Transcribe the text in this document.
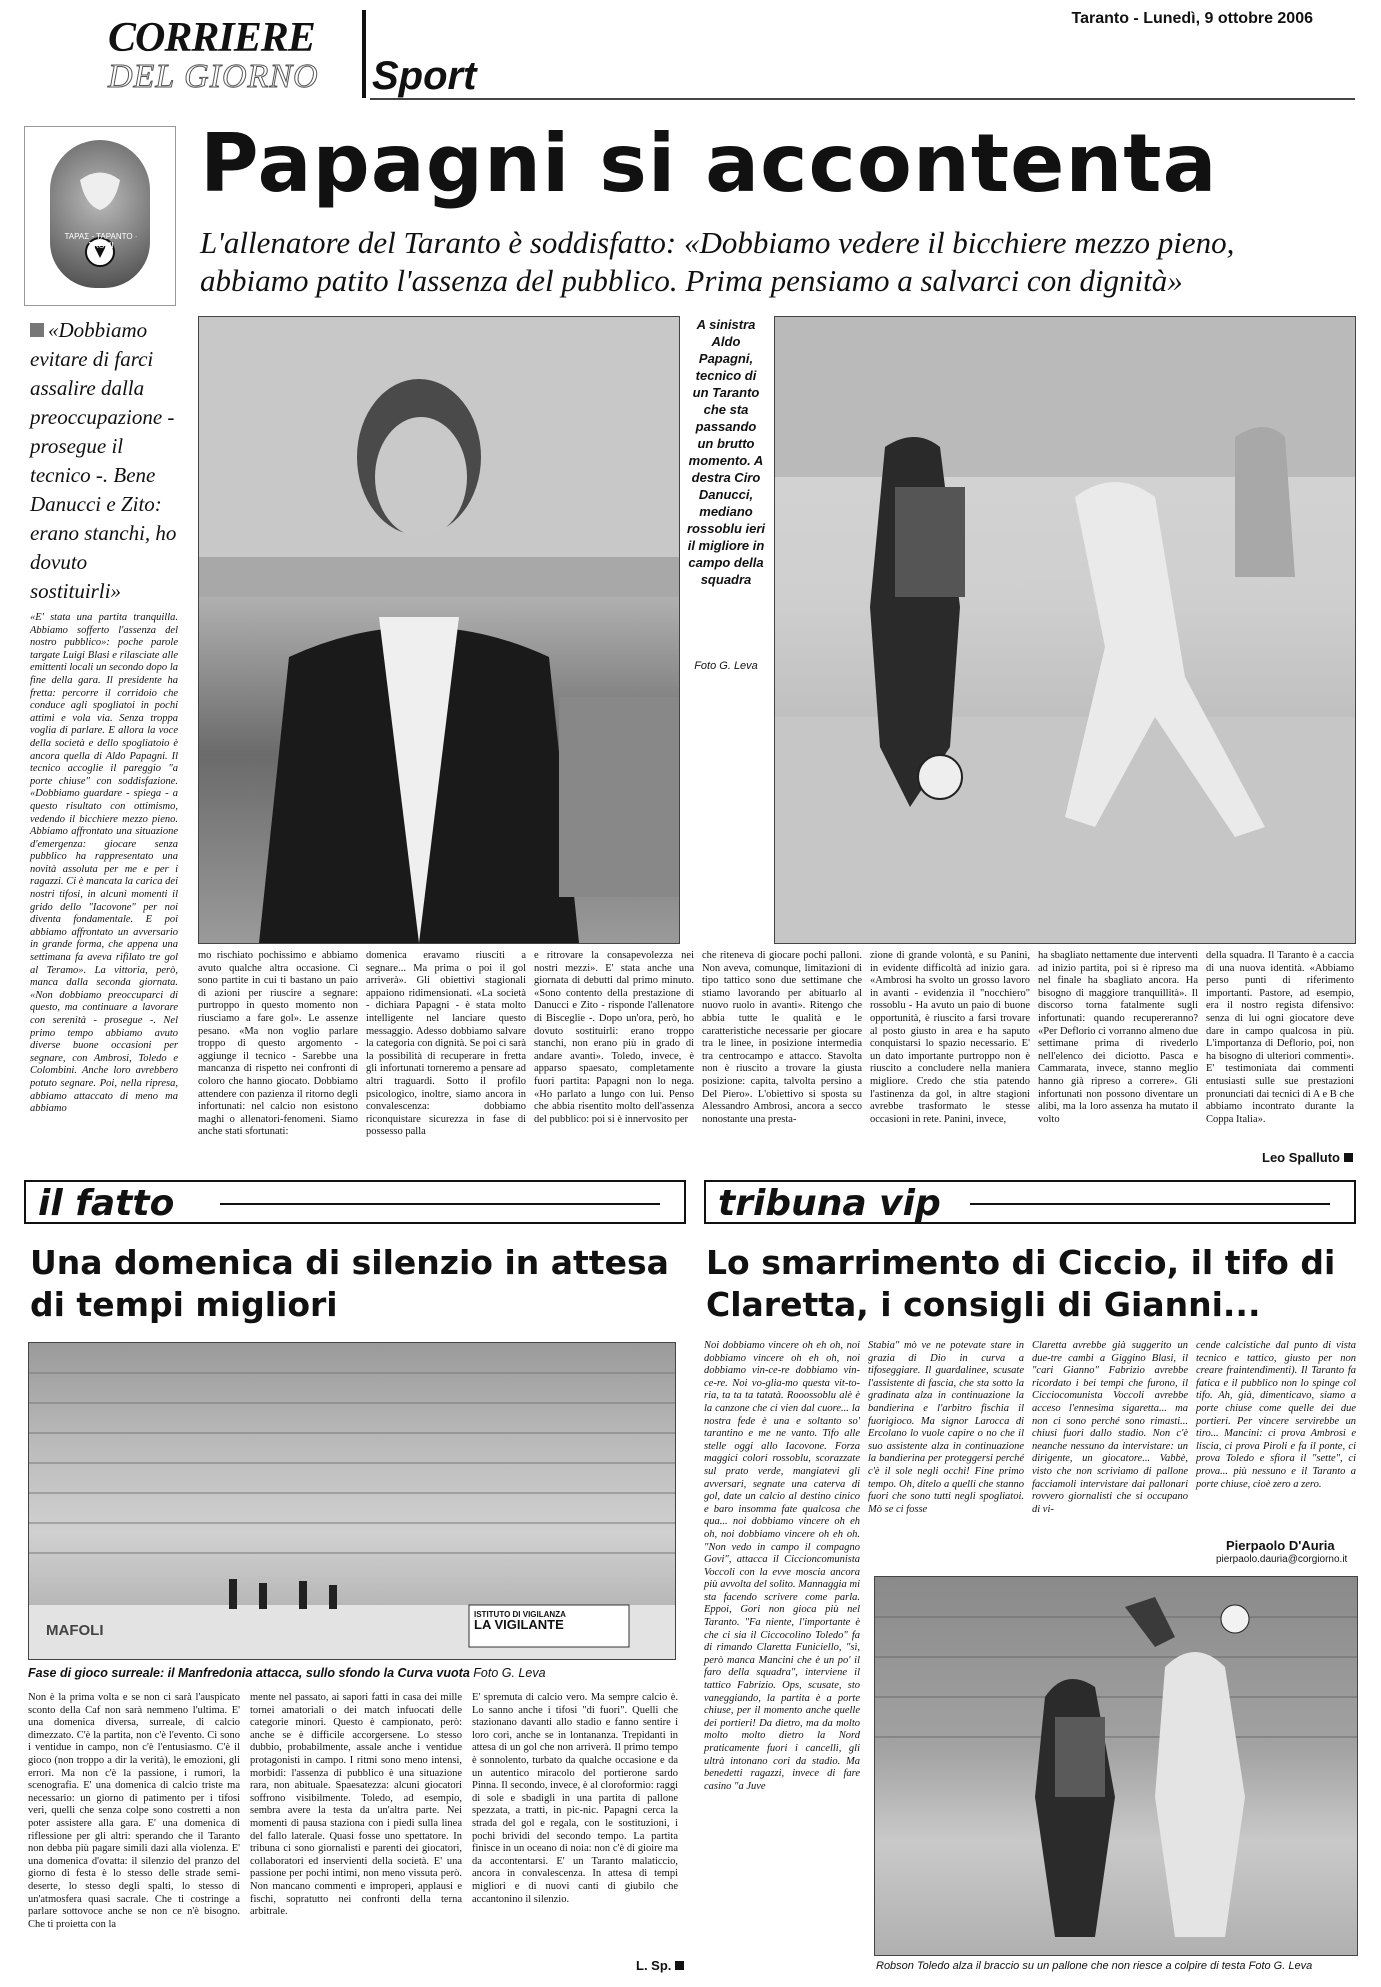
CORRIERE
DEL GIORNO Sport
Taranto - Lunedì, 9 ottobre 2006
ΤΑΡΑΣ - ΤΑΡΑΝΤΟ · ΣΚΟΜΙ
Papagni si accontenta
L'allenatore del Taranto è soddisfatto: «Dobbiamo vedere il bicchiere mezzo pieno, abbiamo patito l'assenza del pubblico. Prima pensiamo a salvarci con dignità»
«Dobbiamo evitare di farci assalire dalla preoccupazione - prosegue il tecnico -. Bene Danucci e Zito: erano stanchi, ho dovuto sostituirli»
«E' stata una partita tranquilla. Abbiamo sofferto l'assenza del nostro pubblico»: poche parole targate Luigi Blasi e rilasciate alle emittenti locali un secondo dopo la fine della gara. Il presidente ha fretta: percorre il corridoio che conduce agli spogliatoi in pochi attimi e vola via. Senza troppa voglia di parlare. E allora la voce della società e dello spogliatoio è ancora quella di Aldo Papagni. Il tecnico accoglie il pareggio "a porte chiuse" con soddisfazione. «Dobbiamo guardare - spiega - a questo risultato con ottimismo, vedendo il bicchiere mezzo pieno. Abbiamo affrontato una situazione d'emergenza: giocare senza pubblico ha rappresentato una novità assoluta per me e per i ragazzi. Ci è mancata la carica dei nostri tifosi, in alcuni momenti il grido dello "Iacovone" per noi diventa fondamentale. E poi abbiamo affrontato un avversario in grande forma, che appena una settimana fa aveva rifilato tre gol al Teramo». La vittoria, però, manca dalla seconda giornata. «Non dobbiamo preoccuparci di questo, ma continuare a lavorare con serenità - prosegue -. Nel primo tempo abbiamo avuto diverse buone occasioni per segnare, con Ambrosi, Toledo e Colombini. Anche loro avrebbero potuto segnare. Poi, nella ripresa, abbiamo attaccato di meno ma abbiamo
A sinistra Aldo Papagni, tecnico di un Taranto che sta passando un brutto momento. A destra Ciro Danucci, mediano rossoblu ieri il migliore in campo della squadra
Foto G. Leva
mo rischiato pochissimo e abbiamo avuto qualche altra occasione. Ci sono partite in cui ti bastano un paio di azioni per riuscire a segnare: purtroppo in questo momento non riusciamo a fare gol». Le assenze pesano. «Ma non voglio parlare troppo di questo argomento - aggiunge il tecnico - Sarebbe una mancanza di rispetto nei confronti di coloro che hanno giocato. Dobbiamo attendere con pazienza il ritorno degli infortunati: nel calcio non esistono maghi o allenatori-fenomeni. Siamo anche stati sfortunati:
domenica eravamo riusciti a segnare... Ma prima o poi il gol arriverà». Gli obiettivi stagionali appaiono ridimensionati. «La società - dichiara Papagni - è stata molto intelligente nel lanciare questo messaggio. Adesso dobbiamo salvare la categoria con dignità. Se poi ci sarà la possibilità di recuperare in fretta gli infortunati torneremo a pensare ad altri traguardi. Sotto il profilo psicologico, inoltre, siamo ancora in convalescenza: dobbiamo riconquistare sicurezza in fase di possesso palla
e ritrovare la consapevolezza nei nostri mezzi». E' stata anche una giornata di debutti dal primo minuto. «Sono contento della prestazione di Danucci e Zito - risponde l'allenatore di Bisceglie -. Dopo un'ora, però, ho dovuto sostituirli: erano troppo stanchi, non erano più in grado di andare avanti». Toledo, invece, è apparso spaesato, completamente fuori partita: Papagni non lo nega. «Ho parlato a lungo con lui. Penso che abbia risentito molto dell'assenza del pubblico: poi si è innervosito per
che riteneva di giocare pochi palloni. Non aveva, comunque, limitazioni di tipo tattico sono due settimane che stiamo lavorando per abituarlo al nuovo ruolo in avanti». Ritengo che abbia tutte le qualità e le caratteristiche necessarie per giocare tra le linee, in posizione intermedia tra centrocampo e attacco. Stavolta non è riuscito a trovare la giusta posizione: capita, talvolta persino a Del Piero». L'obiettivo si sposta su Alessandro Ambrosi, ancora a secco nonostante una presta-
zione di grande volontà, e su Panini, in evidente difficoltà ad inizio gara. «Ambrosi ha svolto un grosso lavoro in avanti - evidenzia il "nocchiero" rossoblu - Ha avuto un paio di buone opportunità, è riuscito a farsi trovare al posto giusto in area e ha saputo conquistarsi lo spazio necessario. E' un dato importante purtroppo non è riuscito a concludere nella maniera migliore. Credo che stia patendo l'astinenza da gol, in altre stagioni avrebbe trasformato le stesse occasioni in rete. Panini, invece,
ha sbagliato nettamente due interventi ad inizio partita, poi si è ripreso ma nel finale ha sbagliato ancora. Ha bisogno di maggiore tranquillità». Il discorso torna fatalmente sugli infortunati: quando recupereranno? «Per Deflorio ci vorranno almeno due settimane prima di rivederlo nell'elenco dei diciotto. Pasca e Cammarata, invece, stanno meglio hanno già ripreso a correre». Gli infortunati non possono diventare un alibi, ma la loro assenza ha mutato il volto
della squadra. Il Taranto è a caccia di una nuova identità. «Abbiamo perso punti di riferimento importanti. Pastore, ad esempio, era il nostro regista difensivo: senza di lui ogni giocatore deve dare in campo qualcosa in più. L'importanza di Deflorio, poi, non ha bisogno di ulteriori commenti». E' testimoniata dai commenti entusiasti sulle sue prestazioni pronunciati dai tecnici di A e B che abbiamo incontrato durante la Coppa Italia».
Leo Spalluto
il fatto
Una domenica di silenzio in attesa di tempi migliori
ISTITUTO DI VIGILANZA
LA VIGILANTE
MAFOLI
Fase di gioco surreale: il Manfredonia attacca, sullo sfondo la Curva vuota Foto G. Leva
Non è la prima volta e se non ci sarà l'auspicato sconto della Caf non sarà nemmeno l'ultima. E' una domenica diversa, surreale, di calcio dimezzato. C'è la partita, non c'è l'evento. Ci sono i ventidue in campo, non c'è l'entusiasmo. C'è il gioco (non troppo a dir la verità), le emozioni, gli errori. Ma non c'è la passione, i rumori, la scenografia. E' una domenica di calcio triste ma necessario: un giorno di patimento per i tifosi veri, quelli che senza colpe sono costretti a non poter assistere alla gara. E' una domenica di riflessione per gli altri: sperando che il Taranto non debba più pagare simili dazi alla violenza. E' una domenica d'ovatta: il silenzio del pranzo del giorno di festa è lo stesso delle strade semi-deserte, lo stesso degli spalti, lo stesso di un'atmosfera quasi sacrale. Che ti costringe a parlare sottovoce anche se non ce n'è bisogno. Che ti proietta con la
mente nel passato, ai sapori fatti in casa dei mille tornei amatoriali o dei match infuocati delle categorie minori. Questo è campionato, però: anche se è difficile accorgersene. Lo stesso dubbio, probabilmente, assale anche i ventidue protagonisti in campo. I ritmi sono meno intensi, morbidi: l'assenza di pubblico è una situazione rara, non abituale. Spaesatezza: alcuni giocatori soffrono visibilmente. Toledo, ad esempio, sembra avere la testa da un'altra parte. Nei momenti di pausa staziona con i piedi sulla linea del fallo laterale. Quasi fosse uno spettatore. In tribuna ci sono giornalisti e parenti dei giocatori, collaboratori ed inservienti della società. E' una passione per pochi intimi, non meno vissuta però. Non mancano commenti e improperi, applausi e fischi, sopratutto nei confronti della terna arbitrale.
E' spremuta di calcio vero. Ma sempre calcio è. Lo sanno anche i tifosi "di fuori". Quelli che stazionano davanti allo stadio e fanno sentire i loro cori, anche se in lontananza. Trepidanti in attesa di un gol che non arriverà. Il primo tempo è sonnolento, turbato da qualche occasione e da un autentico miracolo del portierone sardo Pinna. Il secondo, invece, è al cloroformio: raggi di sole e sbadigli in una partita di pallone spezzata, a tratti, in pic-nic. Papagni cerca la strada del gol e regala, con le sostituzioni, i pochi brividi del secondo tempo. La partita finisce in un oceano di noia: non c'è di gioire ma da accontentarsi. E' un Taranto malaticcio, ancora in convalescenza. In attesa di tempi migliori e di nuovi canti di giubilo che accantonino il silenzio.
L. Sp.
tribuna vip
Lo smarrimento di Ciccio, il tifo di Claretta, i consigli di Gianni...
Noi dobbiamo vincere oh eh oh, noi dobbiamo vincere oh eh oh, noi dobbiamo vin-ce-re dobbiamo vin-ce-re. Noi vo-glia-mo questa vit-to-ria, ta ta ta tatatà. Rooossoblu alè è la canzone che ci vien dal cuore... la nostra fede è una e soltanto so' tarantino e me ne vanto. Tifo alle stelle oggi allo Iacovone. Forza maggici colori rossoblu, scorazzate sul prato verde, mangiatevi gli avversari, segnate una caterva di gol, date un calcio al destino cinico e baro insomma fate qualcosa che qua... noi dobbiamo vincere oh eh oh, noi dobbiamo vincere oh eh oh. "Non vedo in campo il compagno Govi", attacca il Ciccioncomunista Voccoli con la evve moscia ancora più avvolta del solito. Mannaggia mi sta facendo scrivere come parla. Eppoi, Gori non gioca più nel Taranto. "Fa niente, l'importante è che ci sia il Ciccocolino Toledo" fa di rimando Claretta Funiciello, "sì, però manca Mancini che è un po' il faro della squadra", interviene il tattico Fabrizio. Ops, scusate, sto vaneggiando, la partita è a porte chiuse, per il momento anche quelle dei portieri! Da dietro, ma da molto molto molto dietro la Nord praticamente fuori i cancelli, gli ultrà intonano cori da stadio. Ma benedetti ragazzi, invece di fare casino "a Juve
Stabia" mò ve ne potevate stare in grazia di Dio in curva a tifoseggiare. Il guardalinee, scusate l'assistente di fascia, che sta sotto la gradinata alza in continuazione la bandierina e l'arbitro fischia il fuorigioco. Ma signor Larocca di Ercolano lo vuole capire o no che il suo assistente alza in continuazione la bandierina per proteggersi perché c'è il sole negli occhi! Fine primo tempo. Oh, ditelo a quelli che stanno fuori che sono tutti negli spogliatoi. Mò se ci fosse
Claretta avrebbe già suggerito un due-tre cambi a Giggino Blasi, il "cari Gianno" Fabrizio avrebbe ricordato i bei tempi che furono, il Cicciocomunista Voccoli avrebbe acceso l'ennesima sigaretta... ma non ci sono perché sono rimasti... chiusi fuori dallo stadio. Non c'è neanche nessuno da intervistare: un dirigente, un giocatore... Vabbè, visto che non scriviamo di pallone facciamoli intervistare dai pallonari rovvero giornalisti che si occupano di vi-
cende calcistiche dal punto di vista tecnico e tattico, giusto per non creare fraintendimenti). Il Taranto fa fatica e il pubblico non lo spinge col tifo. Ah, già, dimenticavo, siamo a porte chiuse come quelle dei due portieri. Per vincere servirebbe un tiro... Mancini: ci prova Ambrosi e liscia, ci prova Piroli e fa il ponte, ci prova Toledo e sfiora il "sette", ci prova... più nessuno e il Taranto a porte chiuse, cioè zero a zero.
Pierpaolo D'Auria
pierpaolo.dauria@corgiorno.it
Robson Toledo alza il braccio su un pallone che non riesce a colpire di testa Foto G. Leva
